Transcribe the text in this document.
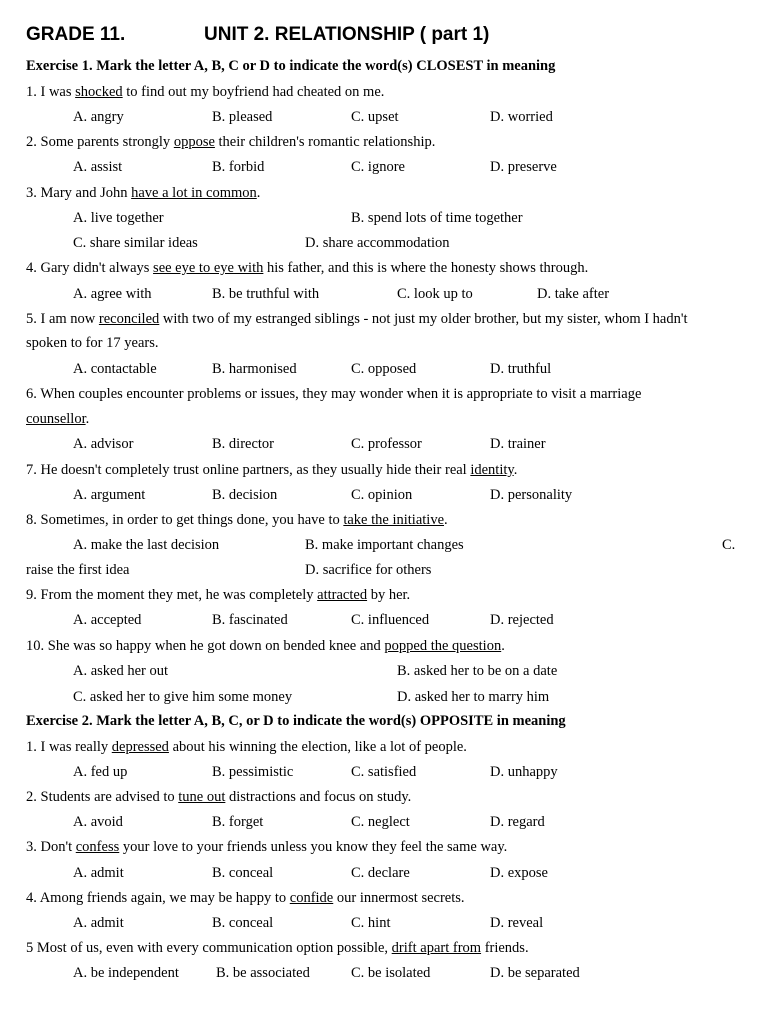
GRADE 11.	UNIT 2. RELATIONSHIP ( part 1)
Exercise 1. Mark the letter A, B, C or D to indicate the word(s) CLOSEST in meaning
1. I was shocked to find out my boyfriend had cheated on me.
A. angry	B. pleased	C. upset	D. worried
2. Some parents strongly oppose their children's romantic relationship.
A. assist	B. forbid	C. ignore	D. preserve
3. Mary and John have a lot in common.
A. live together	B. spend lots of time together
C. share similar ideas	D. share accommodation
4. Gary didn't always see eye to eye with his father, and this is where the honesty shows through.
A. agree with	B. be truthful with	C. look up to	D. take after
5. I am now reconciled with two of my estranged siblings - not just my older brother, but my sister, whom I hadn't
spoken to for 17 years.
A. contactable	B. harmonised	C. opposed	D. truthful
6. When couples encounter problems or issues, they may wonder when it is appropriate to visit a marriage
counsellor.
A. advisor	B. director	C. professor	D. trainer
7. He doesn't completely trust online partners, as they usually hide their real identity.
A. argument	B. decision	C. opinion	D. personality
8. Sometimes, in order to get things done, you have to take the initiative.
A. make the last decision	B. make important changes	C.
raise the first idea	D. sacrifice for others
9. From the moment they met, he was completely attracted by her.
A. accepted	B. fascinated	C. influenced	D. rejected
10. She was so happy when he got down on bended knee and popped the question.
A. asked her out	B. asked her to be on a date
C. asked her to give him some money	D. asked her to marry him
Exercise 2. Mark the letter A, B, C, or D to indicate the word(s) OPPOSITE in meaning
1. I was really depressed about his winning the election, like a lot of people.
A. fed up	B. pessimistic	C. satisfied	D. unhappy
2. Students are advised to tune out distractions and focus on study.
A. avoid	B. forget	C. neglect	D. regard
3. Don't confess your love to your friends unless you know they feel the same way.
A. admit	B. conceal	C. declare	D. expose
4. Among friends again, we may be happy to confide our innermost secrets.
A. admit	B. conceal	C. hint	D. reveal
5 Most of us, even with every communication option possible, drift apart from friends.
A. be independent	B. be associated	C. be isolated	D. be separated
